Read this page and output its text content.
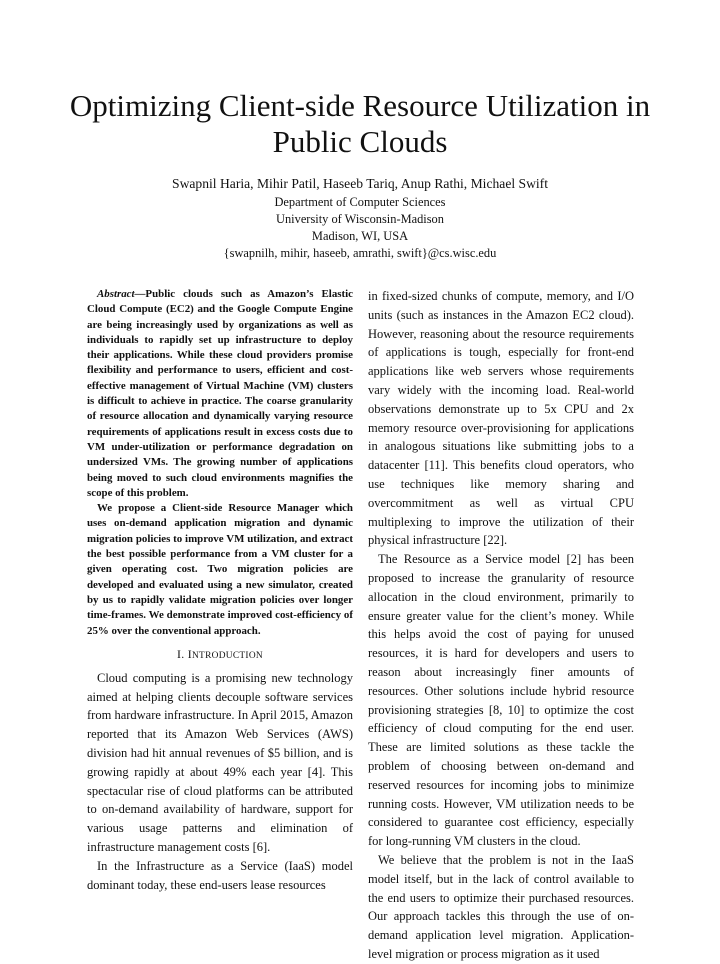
Optimizing Client-side Resource Utilization in Public Clouds
Swapnil Haria, Mihir Patil, Haseeb Tariq, Anup Rathi, Michael Swift
Department of Computer Sciences
University of Wisconsin-Madison
Madison, WI, USA
{swapnilh, mihir, haseeb, amrathi, swift}@cs.wisc.edu

Abstract—Public clouds such as Amazon’s Elastic Cloud Compute (EC2) and the Google Compute Engine are being increasingly used by organizations as well as individuals to rapidly set up infrastructure to deploy their applications. While these cloud providers promise flexibility and performance to users, efficient and cost-effective management of Virtual Machine (VM) clusters is difficult to achieve in practice. The coarse granularity of resource allocation and dynamically varying resource requirements of applications result in excess costs due to VM under-utilization or performance degradation on undersized VMs. The growing number of applications being moved to such cloud environments magnifies the scope of this problem.

We propose a Client-side Resource Manager which uses on-demand application migration and dynamic migration policies to improve VM utilization, and extract the best possible performance from a VM cluster for a given operating cost. Two migration policies are developed and evaluated using a new simulator, created by us to rapidly validate migration policies over longer time-frames. We demonstrate improved cost-efficiency of 25% over the conventional approach.

I. INTRODUCTION

Cloud computing is a promising new technology aimed at helping clients decouple software services from hardware infrastructure. In April 2015, Amazon reported that its Amazon Web Services (AWS) division had hit annual revenues of $5 billion, and is growing rapidly at about 49% each year [4]. This spectacular rise of cloud platforms can be attributed to on-demand availability of hardware, support for various usage patterns and elimination of infrastructure management costs [6].

In the Infrastructure as a Service (IaaS) model dominant today, these end-users lease resources

in fixed-sized chunks of compute, memory, and I/O units (such as instances in the Amazon EC2 cloud). However, reasoning about the resource requirements of applications is tough, especially for front-end applications like web servers whose requirements vary widely with the incoming load. Real-world observations demonstrate up to 5x CPU and 2x memory resource over-provisioning for applications in analogous situations like submitting jobs to a datacenter [11]. This benefits cloud operators, who use techniques like memory sharing and overcommitment as well as virtual CPU multiplexing to improve the utilization of their physical infrastructure [22].

The Resource as a Service model [2] has been proposed to increase the granularity of resource allocation in the cloud environment, primarily to ensure greater value for the client’s money. While this helps avoid the cost of paying for unused resources, it is hard for developers and users to reason about increasingly finer amounts of resources. Other solutions include hybrid resource provisioning strategies [8, 10] to optimize the cost efficiency of cloud computing for the end user. These are limited solutions as these tackle the problem of choosing between on-demand and reserved resources for incoming jobs to minimize running costs. However, VM utilization needs to be considered to guarantee cost efficiency, especially for long-running VM clusters in the cloud.

We believe that the problem is not in the IaaS model itself, but in the lack of control available to the end users to optimize their purchased resources. Our approach tackles this through the use of on-demand application level migration. Application-level migration or process migration as it used
